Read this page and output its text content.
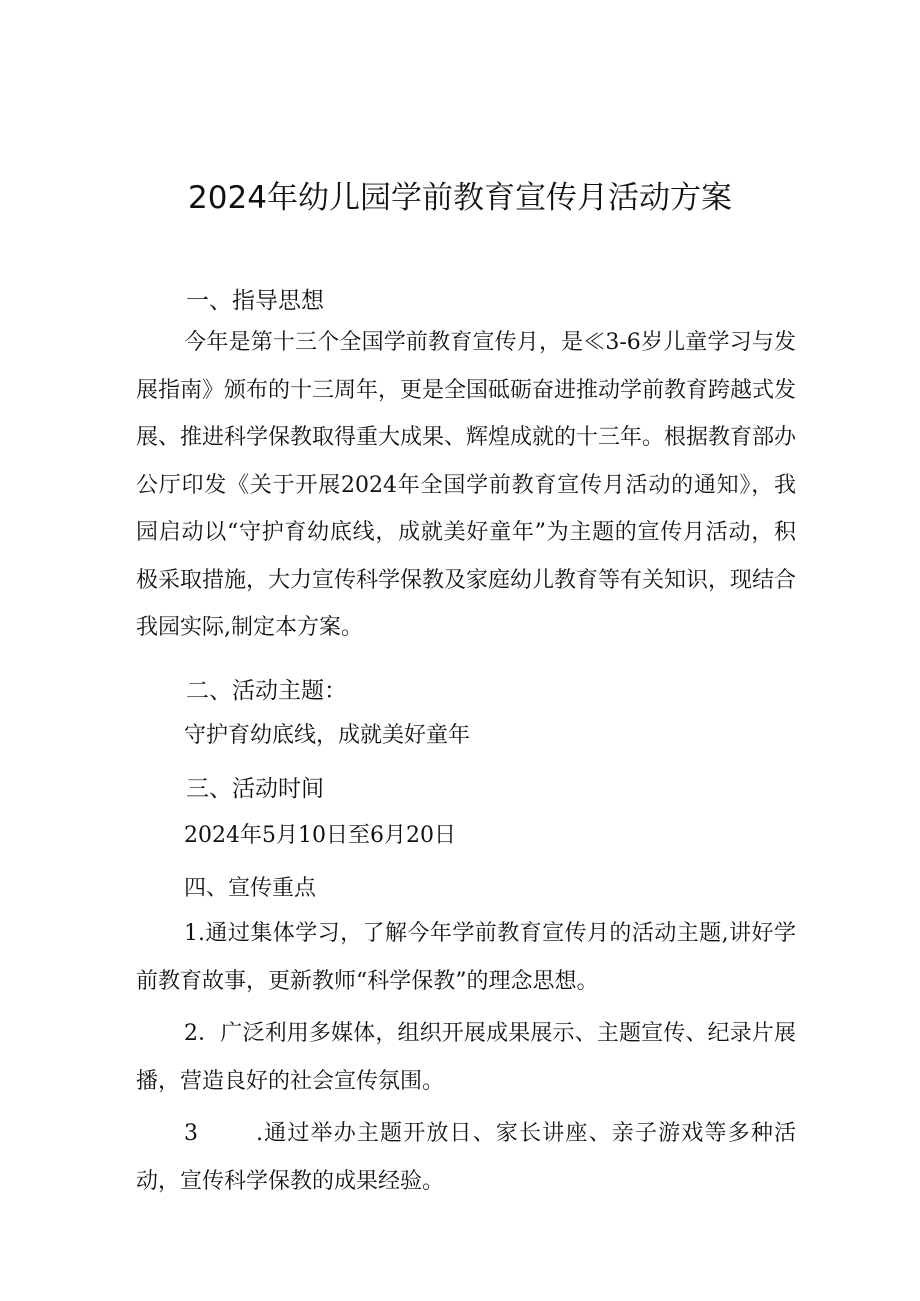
2024年幼儿园学前教育宣传月活动方案
一、指导思想
今年是第十三个全国学前教育宣传月，是≪3-6岁儿童学习与发展指南》颁布的十三周年，更是全国砥砺奋进推动学前教育跨越式发展、推进科学保教取得重大成果、辉煌成就的十三年。根据教育部办公厅印发《关于开展2024年全国学前教育宣传月活动的通知》，我园启动以“守护育幼底线，成就美好童年”为主题的宣传月活动，积极采取措施，大力宣传科学保教及家庭幼儿教育等有关知识，现结合我园实际,制定本方案。
二、活动主题：
守护育幼底线，成就美好童年
三、活动时间
2024年5月10日至6月20日
四、宣传重点
1.通过集体学习，了解今年学前教育宣传月的活动主题,讲好学前教育故事，更新教师“科学保教”的理念思想。
2．广泛利用多媒体，组织开展成果展示、主题宣传、纪录片展播，营造良好的社会宣传氛围。
3	.通过举办主题开放日、家长讲座、亲子游戏等多种活动，宣传科学保教的成果经验。
